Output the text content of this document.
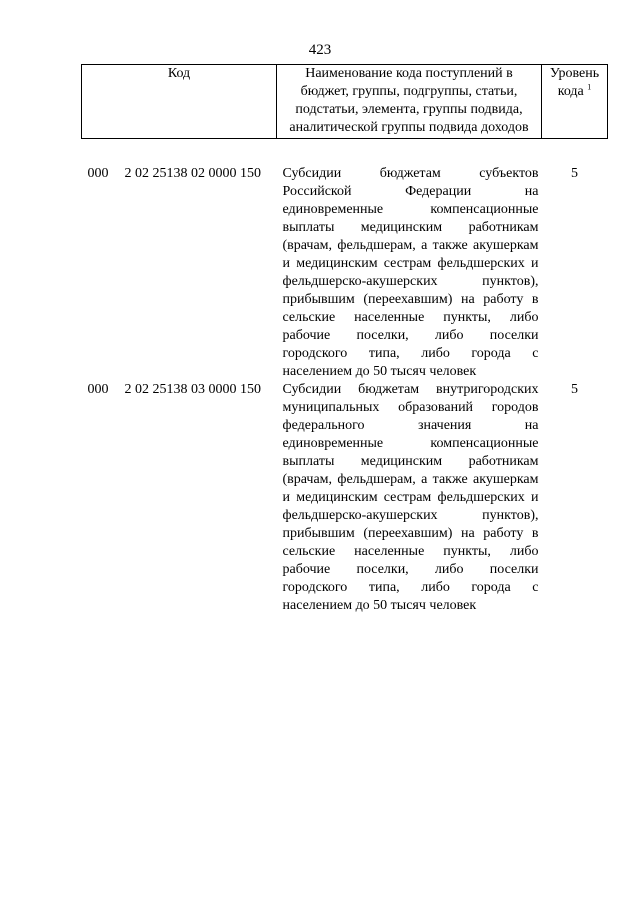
423
Код	Наименование кода поступлений в бюджет, группы, подгруппы, статьи, подстатьи, элемента, группы подвида, аналитической группы подвида доходов	Уровень кода $^1$

000 2 02 25138 02 0000 150	Субсидии бюджетам субъектов Российской Федерации на единовременные компенсационные выплаты медицинским работникам (врачам, фельдшерам, а также акушеркам и медицинским сестрам фельдшерских и фельдшерско-акушерских пунктов), прибывшим (переехавшим) на работу в сельские населенные пункты, либо рабочие поселки, либо поселки городского типа, либо города с населением до 50 тысяч человек	5
000 2 02 25138 03 0000 150	Субсидии бюджетам внутригородских муниципальных образований городов федерального значения на единовременные компенсационные выплаты медицинским работникам (врачам, фельдшерам, а также акушеркам и медицинским сестрам фельдшерских и фельдшерско-акушерских пунктов), прибывшим (переехавшим) на работу в сельские населенные пункты, либо рабочие поселки, либо поселки городского типа, либо города с населением до 50 тысяч человек	5
